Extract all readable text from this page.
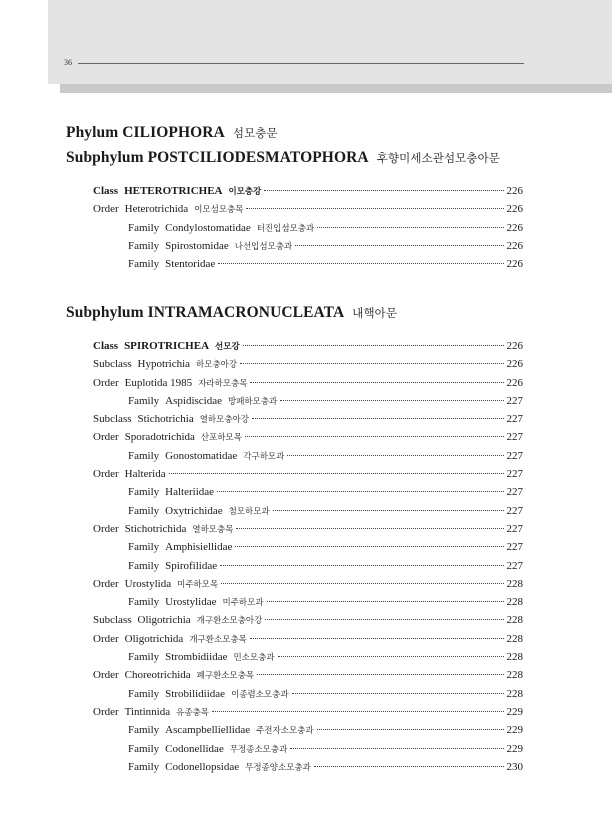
36
Phylum CILIOPHORA 섬모충문
Subphylum POSTCILIODESMATOPHORA 후향미세소관섬모충아문
Class HETEROTRICHEA 이모충강	226
Order Heterotrichida 이모섬모충목	226
Family Condylostomatidae 터진입섬모충과	226
Family Spirostomidae 나선입섬모충과	226
Family Stentoridae	226
Subphylum INTRAMACRONUCLEATA 내핵아문
Class SPIROTRICHEA 선모강	226
Subclass Hypotrichia 하모충아강	226
Order Euplotida 1985 자라하모충목	226
Family Aspidiscidae 방패하모충과	227
Subclass Stichotrichia 열하모충아강	227
Order Sporadotrichida 산포하모목	227
Family Gonostomatidae 각구하모과	227
Order Halterida	227
Family Halteriidae	227
Family Oxytrichidae 첨모하모과	227
Order Stichotrichida 열하모충목	227
Family Amphisiellidae	227
Family Spirofilidae	227
Order Urostylida 미주하모목	228
Family Urostylidae 미주하모과	228
Subclass Oligotrichia 개구환소모충아강	228
Order Oligotrichida 개구환소모충목	228
Family Strombidiidae 민소모충과	228
Order Choreotrichida 폐구환소모충목	228
Family Strobilidiidae 이종렴소모충과	228
Order Tintinnida 유종충목	229
Family Ascampbelliellidae 주전자소모충과	229
Family Codonellidae 무정종소모충과	229
Family Codonellopsidae 무정종양소모충과	230
